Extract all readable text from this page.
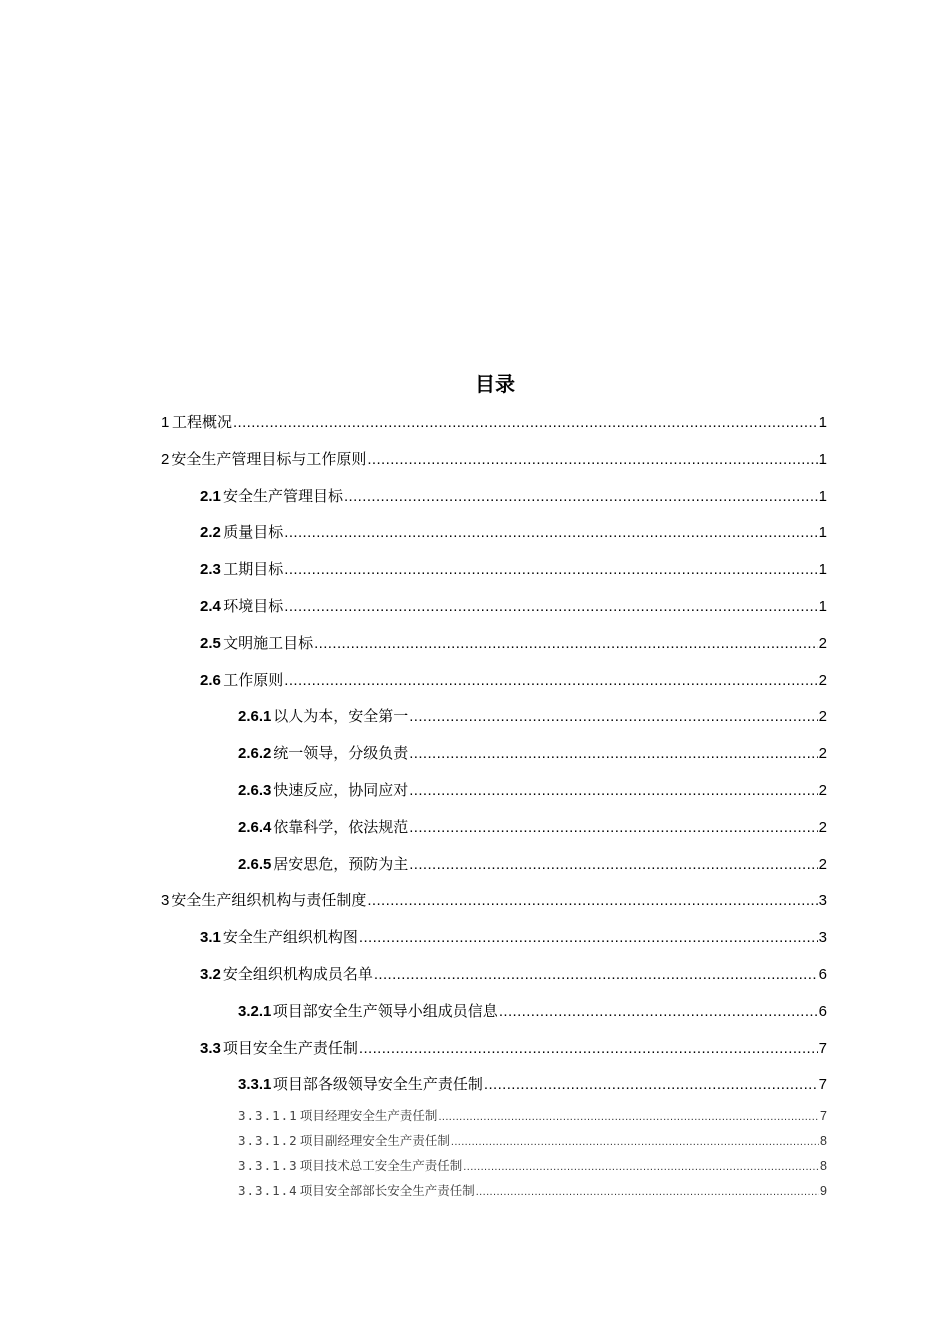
目录
1 工程概况 .....	1
2 安全生产管理目标与工作原则 .....	1
2.1 安全生产管理目标 .....	1
2.2 质量目标 .....	1
2.3 工期目标 .....	1
2.4 环境目标 .....	1
2.5 文明施工目标 .....	2
2.6 工作原则 .....	2
2.6.1 以人为本，安全第一 .....	2
2.6.2 统一领导，分级负责 .....	2
2.6.3 快速反应，协同应对 .....	2
2.6.4 依靠科学，依法规范 .....	2
2.6.5 居安思危，预防为主 .....	2
3 安全生产组织机构与责任制度 .....	3
3.1 安全生产组织机构图 .....	3
3.2 安全组织机构成员名单 .....	6
3.2.1 项目部安全生产领导小组成员信息 .....	6
3.3 项目安全生产责任制 .....	7
3.3.1 项目部各级领导安全生产责任制 .....	7
3.3.1.1 项目经理安全生产责任制 .....	7
3.3.1.2 项目副经理安全生产责任制 .....	8
3.3.1.3 项目技术总工安全生产责任制 .....	8
3.3.1.4 项目安全部部长安全生产责任制 .....	9
